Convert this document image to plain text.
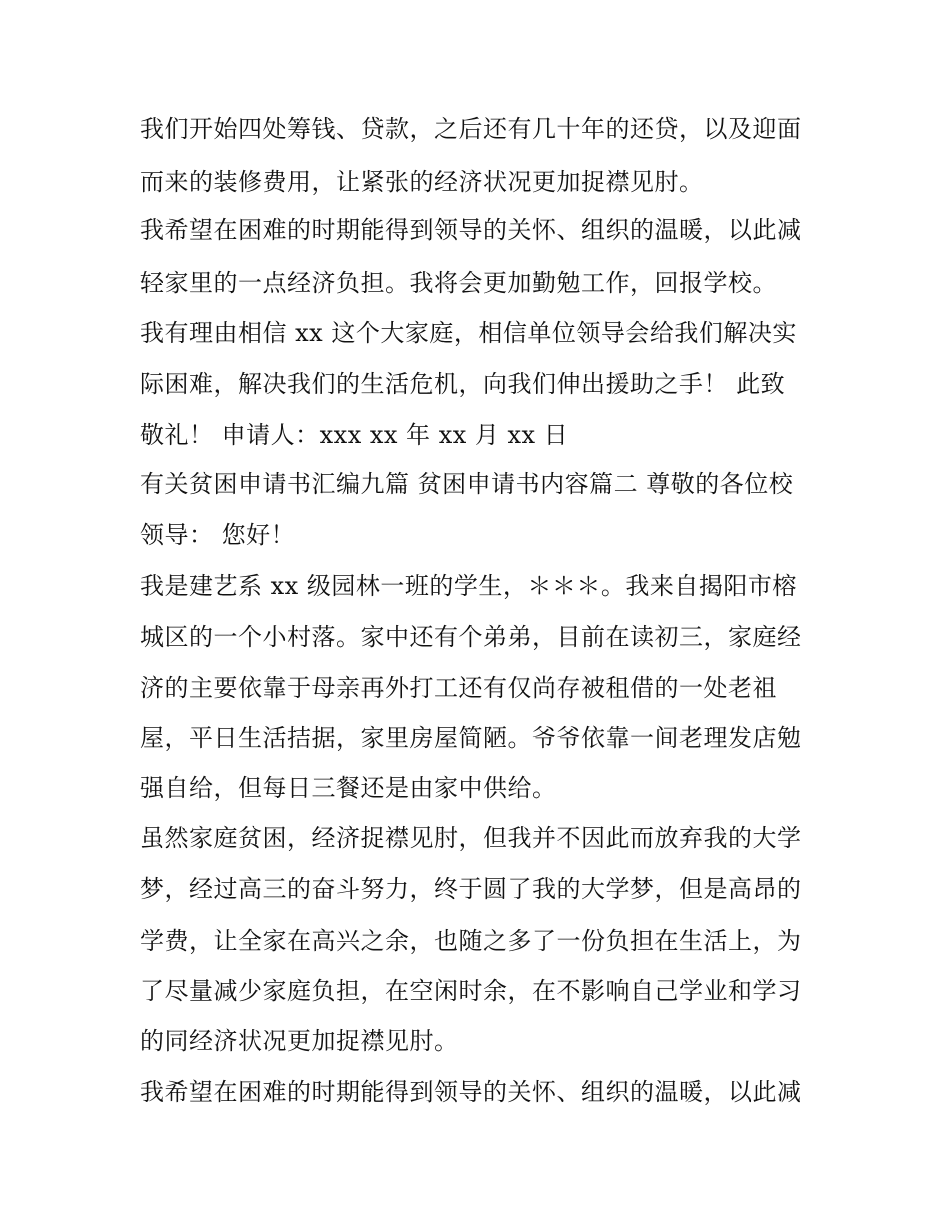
我们开始四处筹钱、贷款，之后还有几十年的还贷，以及迎面
而来的装修费用，让紧张的经济状况更加捉襟见肘。
我希望在困难的时期能得到领导的关怀、组织的温暖，以此减
轻家里的一点经济负担。我将会更加勤勉工作，回报学校。
我有理由相信 xx 这个大家庭，相信单位领导会给我们解决实
际困难，解决我们的生活危机，向我们伸出援助之手！ 此致
敬礼！ 申请人：xxx xx 年 xx 月 xx 日
有关贫困申请书汇编九篇 贫困申请书内容篇二 尊敬的各位校
领导： 您好！
我是建艺系 xx 级园林一班的学生，＊＊＊。我来自揭阳市榕
城区的一个小村落。家中还有个弟弟，目前在读初三，家庭经
济的主要依靠于母亲再外打工还有仅尚存被租借的一处老祖
屋，平日生活拮据，家里房屋简陋。爷爷依靠一间老理发店勉
强自给，但每日三餐还是由家中供给。
虽然家庭贫困，经济捉襟见肘，但我并不因此而放弃我的大学
梦，经过高三的奋斗努力，终于圆了我的大学梦，但是高昂的
学费，让全家在高兴之余，也随之多了一份负担在生活上，为
了尽量减少家庭负担，在空闲时余，在不影响自己学业和学习
的同经济状况更加捉襟见肘。
我希望在困难的时期能得到领导的关怀、组织的温暖，以此减
